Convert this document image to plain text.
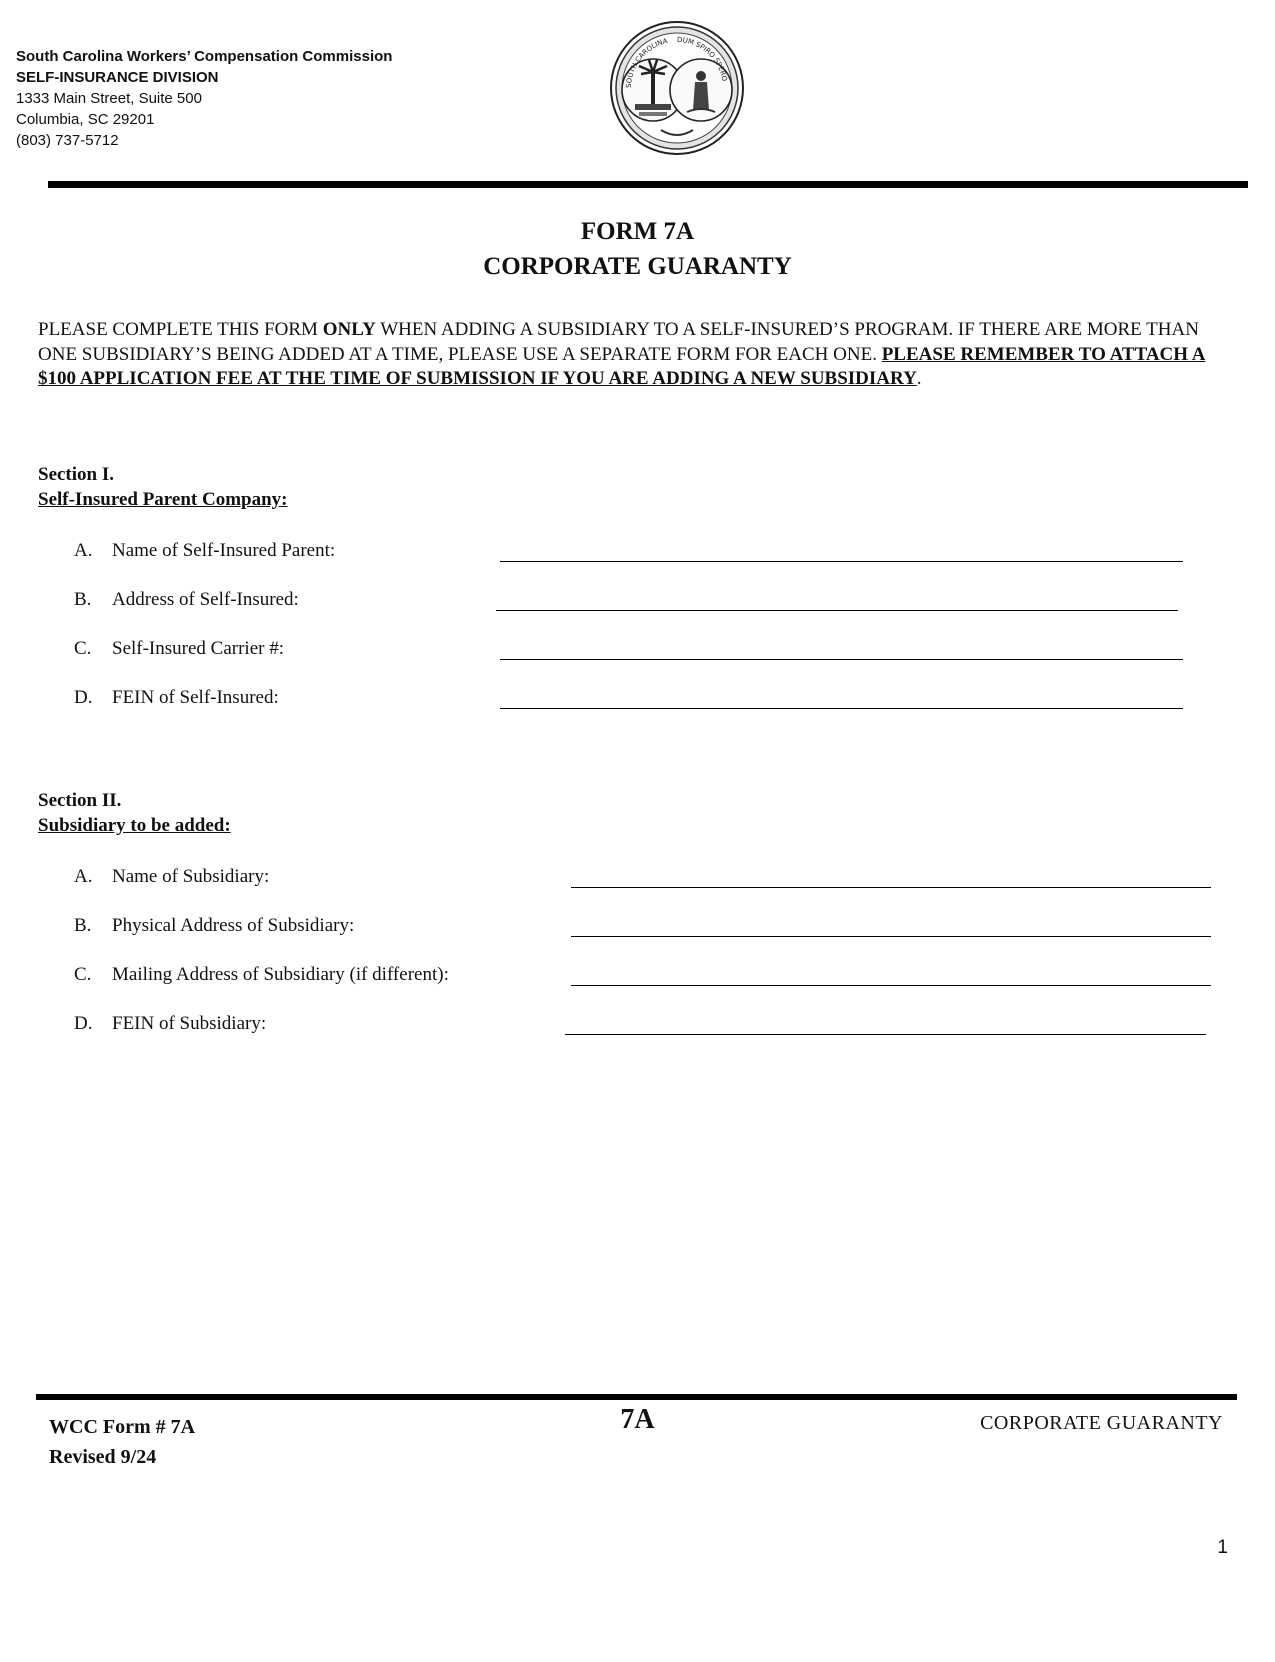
South Carolina Workers’ Compensation Commission
SELF-INSURANCE DIVISION
1333 Main Street, Suite 500
Columbia, SC 29201
(803) 737-5712
SOUTH CAROLINA DUM SPIRO SPERO
FORM 7A
CORPORATE GUARANTY
PLEASE COMPLETE THIS FORM ONLY WHEN ADDING A SUBSIDIARY TO A SELF-INSURED’S PROGRAM. IF THERE ARE MORE THAN ONE SUBSIDIARY’S BEING ADDED AT A TIME, PLEASE USE A SEPARATE FORM FOR EACH ONE. PLEASE REMEMBER TO ATTACH A $100 APPLICATION FEE AT THE TIME OF SUBMISSION IF YOU ARE ADDING A NEW SUBSIDIARY.
Section I.
Self-Insured Parent Company:
A. Name of Self-Insured Parent:
B. Address of Self-Insured:
C. Self-Insured Carrier #:
D. FEIN of Self-Insured:
Section II.
Subsidiary to be added:
A. Name of Subsidiary:
B. Physical Address of Subsidiary:
C. Mailing Address of Subsidiary (if different):
D. FEIN of Subsidiary:
WCC Form # 7A
Revised 9/24
7A	CORPORATE GUARANTY
1
